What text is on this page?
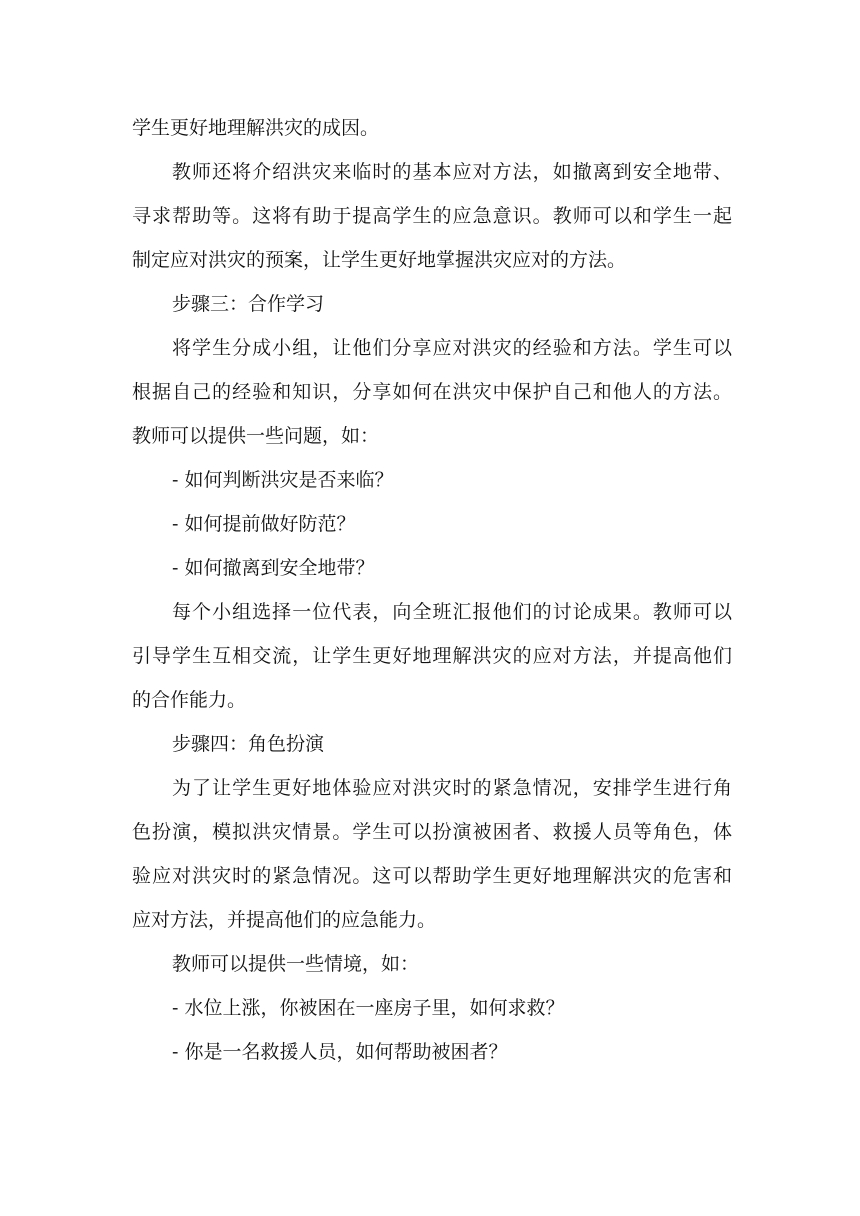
学生更好地理解洪灾的成因。
教师还将介绍洪灾来临时的基本应对方法，如撤离到安全地带、
寻求帮助等。这将有助于提高学生的应急意识。教师可以和学生一起
制定应对洪灾的预案，让学生更好地掌握洪灾应对的方法。
步骤三：合作学习
将学生分成小组，让他们分享应对洪灾的经验和方法。学生可以
根据自己的经验和知识，分享如何在洪灾中保护自己和他人的方法。
教师可以提供一些问题，如：
- 如何判断洪灾是否来临？
- 如何提前做好防范？
- 如何撤离到安全地带？
每个小组选择一位代表，向全班汇报他们的讨论成果。教师可以
引导学生互相交流，让学生更好地理解洪灾的应对方法，并提高他们
的合作能力。
步骤四：角色扮演
为了让学生更好地体验应对洪灾时的紧急情况，安排学生进行角
色扮演，模拟洪灾情景。学生可以扮演被困者、救援人员等角色，体
验应对洪灾时的紧急情况。这可以帮助学生更好地理解洪灾的危害和
应对方法，并提高他们的应急能力。
教师可以提供一些情境，如：
- 水位上涨，你被困在一座房子里，如何求救？
- 你是一名救援人员，如何帮助被困者？
